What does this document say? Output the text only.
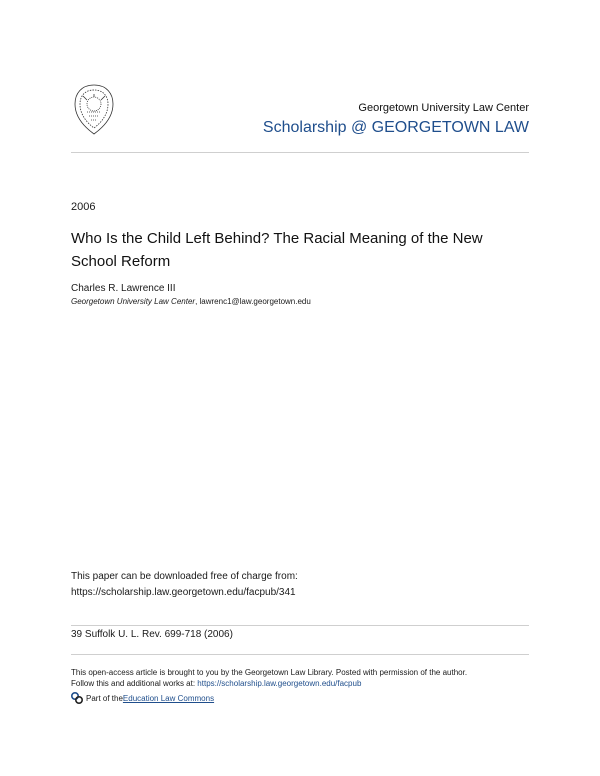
Georgetown University Law Center
Scholarship @ GEORGETOWN LAW
2006
Who Is the Child Left Behind? The Racial Meaning of the New School Reform
Charles R. Lawrence III
Georgetown University Law Center, lawrenc1@law.georgetown.edu
This paper can be downloaded free of charge from:
https://scholarship.law.georgetown.edu/facpub/341
39 Suffolk U. L. Rev. 699-718 (2006)
This open-access article is brought to you by the Georgetown Law Library. Posted with permission of the author.
Follow this and additional works at: https://scholarship.law.georgetown.edu/facpub
Part of the Education Law Commons
